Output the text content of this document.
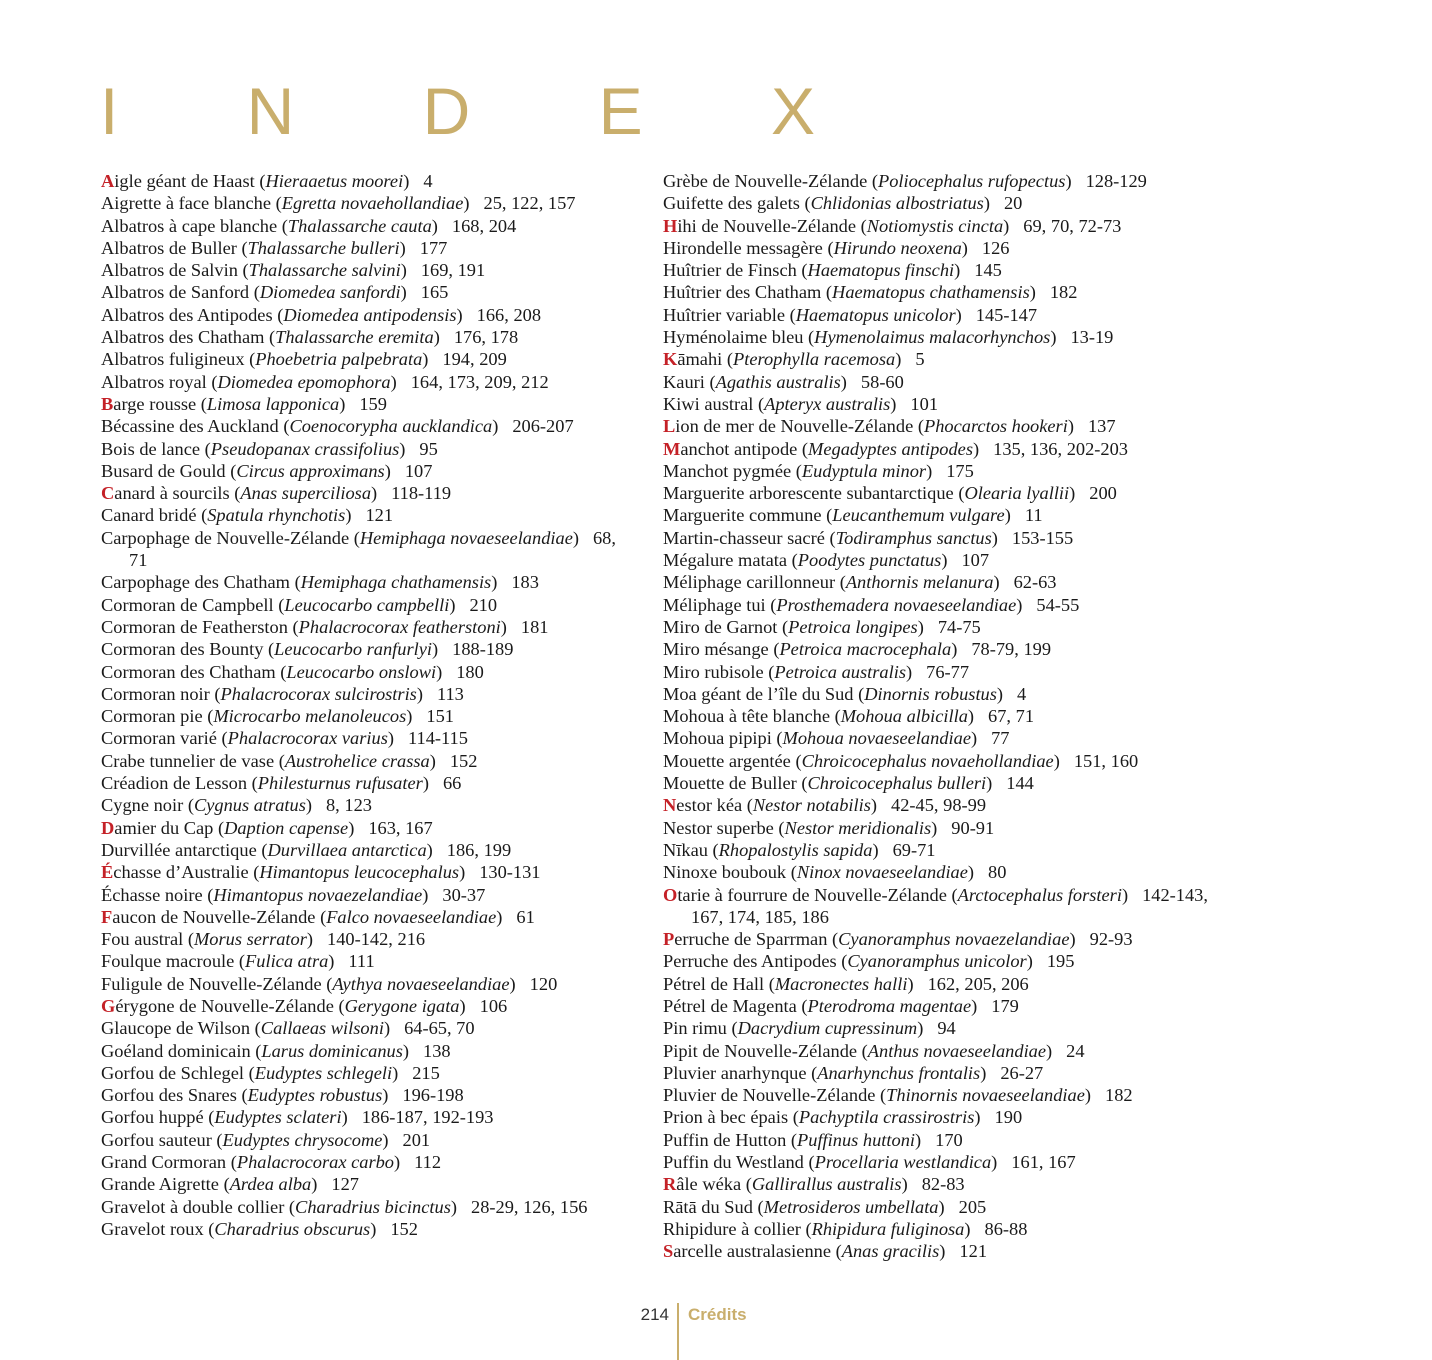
I N D E X
Aigle géant de Haast (Hieraaetus moorei) 4
Aigrette à face blanche (Egretta novaehollandiae) 25, 122, 157
Albatros à cape blanche (Thalassarche cauta) 168, 204
Albatros de Buller (Thalassarche bulleri) 177
Albatros de Salvin (Thalassarche salvini) 169, 191
Albatros de Sanford (Diomedea sanfordi) 165
Albatros des Antipodes (Diomedea antipodensis) 166, 208
Albatros des Chatham (Thalassarche eremita) 176, 178
Albatros fuligineux (Phoebetria palpebrata) 194, 209
Albatros royal (Diomedea epomophora) 164, 173, 209, 212
Barge rousse (Limosa lapponica) 159
Bécassine des Auckland (Coenocorypha aucklandica) 206-207
Bois de lance (Pseudopanax crassifolius) 95
Busard de Gould (Circus approximans) 107
Canard à sourcils (Anas superciliosa) 118-119
Canard bridé (Spatula rhynchotis) 121
Carpophage de Nouvelle-Zélande (Hemiphaga novaeseelandiae) 68, 71
Carpophage des Chatham (Hemiphaga chathamensis) 183
Cormoran de Campbell (Leucocarbo campbelli) 210
Cormoran de Featherston (Phalacrocorax featherstoni) 181
Cormoran des Bounty (Leucocarbo ranfurlyi) 188-189
Cormoran des Chatham (Leucocarbo onslowi) 180
Cormoran noir (Phalacrocorax sulcirostris) 113
Cormoran pie (Microcarbo melanoleucos) 151
Cormoran varié (Phalacrocorax varius) 114-115
Crabe tunnelier de vase (Austrohelice crassa) 152
Créadion de Lesson (Philesturnus rufusater) 66
Cygne noir (Cygnus atratus) 8, 123
Damier du Cap (Daption capense) 163, 167
Durvillée antarctique (Durvillaea antarctica) 186, 199
Échasse d’Australie (Himantopus leucocephalus) 130-131
Échasse noire (Himantopus novaezelandiae) 30-37
Faucon de Nouvelle-Zélande (Falco novaeseelandiae) 61
Fou austral (Morus serrator) 140-142, 216
Foulque macroule (Fulica atra) 111
Fuligule de Nouvelle-Zélande (Aythya novaeseelandiae) 120
Gérygone de Nouvelle-Zélande (Gerygone igata) 106
Glaucope de Wilson (Callaeas wilsoni) 64-65, 70
Goéland dominicain (Larus dominicanus) 138
Gorfou de Schlegel (Eudyptes schlegeli) 215
Gorfou des Snares (Eudyptes robustus) 196-198
Gorfou huppé (Eudyptes sclateri) 186-187, 192-193
Gorfou sauteur (Eudyptes chrysocome) 201
Grand Cormoran (Phalacrocorax carbo) 112
Grande Aigrette (Ardea alba) 127
Gravelot à double collier (Charadrius bicinctus) 28-29, 126, 156
Gravelot roux (Charadrius obscurus) 152
Grèbe de Nouvelle-Zélande (Poliocephalus rufopectus) 128-129
Guifette des galets (Chlidonias albostriatus) 20
Hihi de Nouvelle-Zélande (Notiomystis cincta) 69, 70, 72-73
Hirondelle messagère (Hirundo neoxena) 126
Huîtrier de Finsch (Haematopus finschi) 145
Huîtrier des Chatham (Haematopus chathamensis) 182
Huîtrier variable (Haematopus unicolor) 145-147
Hyménolaime bleu (Hymenolaimus malacorhynchos) 13-19
Kāmahi (Pterophylla racemosa) 5
Kauri (Agathis australis) 58-60
Kiwi austral (Apteryx australis) 101
Lion de mer de Nouvelle-Zélande (Phocarctos hookeri) 137
Manchot antipode (Megadyptes antipodes) 135, 136, 202-203
Manchot pygmée (Eudyptula minor) 175
Marguerite arborescente subantarctique (Olearia lyallii) 200
Marguerite commune (Leucanthemum vulgare) 11
Martin-chasseur sacré (Todiramphus sanctus) 153-155
Mégalure matata (Poodytes punctatus) 107
Méliphage carillonneur (Anthornis melanura) 62-63
Méliphage tui (Prosthemadera novaeseelandiae) 54-55
Miro de Garnot (Petroica longipes) 74-75
Miro mésange (Petroica macrocephala) 78-79, 199
Miro rubisole (Petroica australis) 76-77
Moa géant de l’île du Sud (Dinornis robustus) 4
Mohoua à tête blanche (Mohoua albicilla) 67, 71
Mohoua pipipi (Mohoua novaeseelandiae) 77
Mouette argentée (Chroicocephalus novaehollandiae) 151, 160
Mouette de Buller (Chroicocephalus bulleri) 144
Nestor kéa (Nestor notabilis) 42-45, 98-99
Nestor superbe (Nestor meridionalis) 90-91
Nīkau (Rhopalostylis sapida) 69-71
Ninoxe boubouk (Ninox novaeseelandiae) 80
Otarie à fourrure de Nouvelle-Zélande (Arctocephalus forsteri) 142-143, 167, 174, 185, 186
Perruche de Sparrman (Cyanoramphus novaezelandiae) 92-93
Perruche des Antipodes (Cyanoramphus unicolor) 195
Pétrel de Hall (Macronectes halli) 162, 205, 206
Pétrel de Magenta (Pterodroma magentae) 179
Pin rimu (Dacrydium cupressinum) 94
Pipit de Nouvelle-Zélande (Anthus novaeseelandiae) 24
Pluvier anarhynque (Anarhynchus frontalis) 26-27
Pluvier de Nouvelle-Zélande (Thinornis novaeseelandiae) 182
Prion à bec épais (Pachyptila crassirostris) 190
Puffin de Hutton (Puffinus huttoni) 170
Puffin du Westland (Procellaria westlandica) 161, 167
Râle wéka (Gallirallus australis) 82-83
Rātā du Sud (Metrosideros umbellata) 205
Rhipidure à collier (Rhipidura fuliginosa) 86-88
Sarcelle australasienne (Anas gracilis) 121
214 Crédits
